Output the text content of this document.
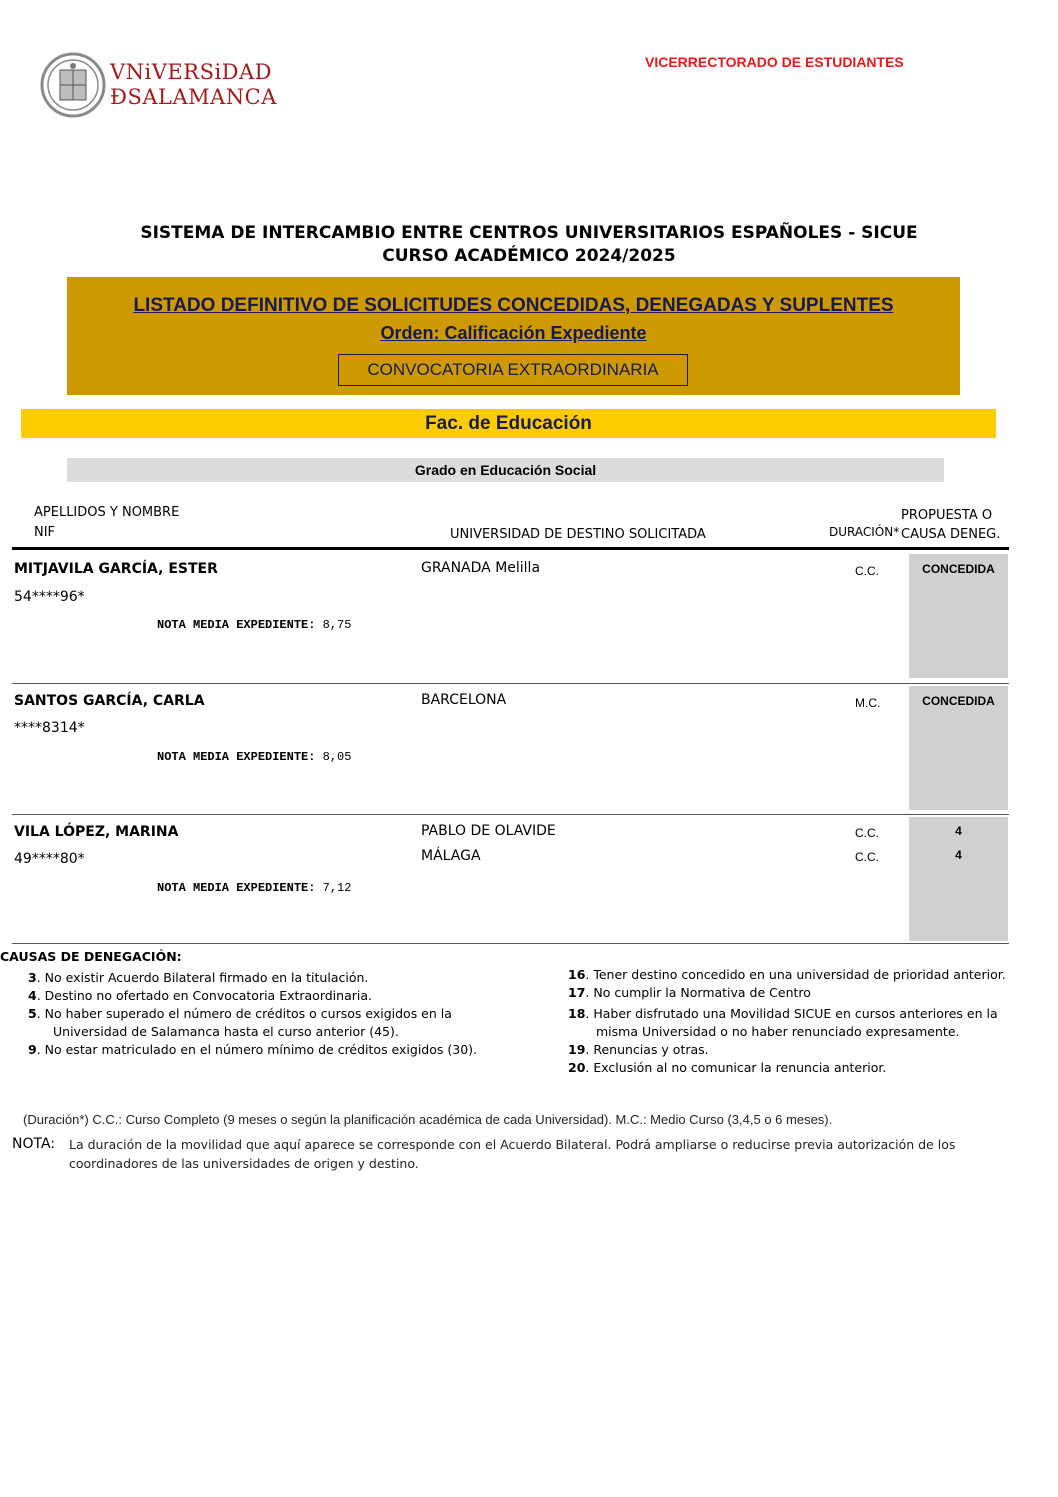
VNiVERSiDAD
ÐSALAMANCA
VICERRECTORADO DE ESTUDIANTES
SISTEMA DE INTERCAMBIO ENTRE CENTROS UNIVERSITARIOS ESPAÑOLES - SICUE
CURSO ACADÉMICO 2024/2025
LISTADO DEFINITIVO DE SOLICITUDES CONCEDIDAS, DENEGADAS Y SUPLENTES
Orden: Calificación Expediente
CONVOCATORIA EXTRAORDINARIA
Fac. de Educación
Grado en Educación Social
APELLIDOS Y NOMBRE
NIF	UNIVERSIDAD DE DESTINO SOLICITADA	DURACIÓN*
PROPUESTA O
CAUSA DENEG.
MITJAVILA GARCÍA, ESTER
54****96*
NOTA MEDIA EXPEDIENTE: 8,75
GRANADA Melilla	C.C.	CONCEDIDA
SANTOS GARCÍA, CARLA
****8314*
NOTA MEDIA EXPEDIENTE: 8,05
BARCELONA	M.C.	CONCEDIDA
VILA LÓPEZ, MARINA
49****80*
NOTA MEDIA EXPEDIENTE: 7,12
PABLO DE OLAVIDE	C.C.	4
MÁLAGA	C.C.	4
CAUSAS DE DENEGACIÓN:
3. No existir Acuerdo Bilateral firmado en la titulación.
4. Destino no ofertado en Convocatoria Extraordinaria.
5. No haber superado el número de créditos o cursos exigidos en la
Universidad de Salamanca hasta el curso anterior (45).
9. No estar matriculado en el número mínimo de créditos exigidos (30).
16. Tener destino concedido en una universidad de prioridad anterior.
17. No cumplir la Normativa de Centro
18. Haber disfrutado una Movilidad SICUE en cursos anteriores en la
misma Universidad o no haber renunciado expresamente.
19. Renuncias y otras.
20. Exclusión al no comunicar la renuncia anterior.
(Duración*) C.C.: Curso Completo (9 meses o según la planificación académica de cada Universidad). M.C.: Medio Curso (3,4,5 o 6 meses).
NOTA: La duración de la movilidad que aquí aparece se corresponde con el Acuerdo Bilateral. Podrá ampliarse o reducirse previa autorización de los
coordinadores de las universidades de origen y destino.
